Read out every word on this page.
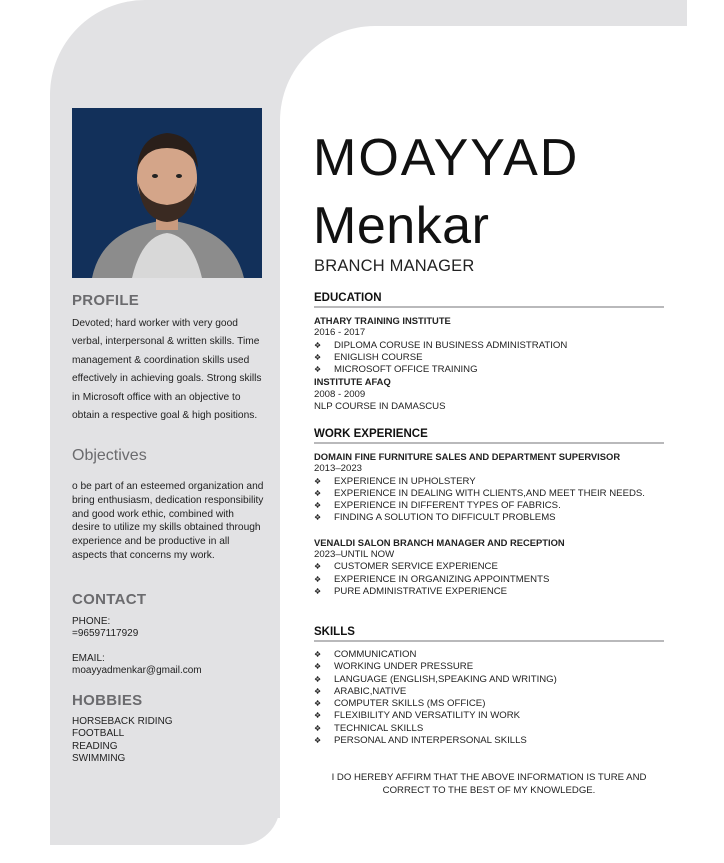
PROFILE
Devoted; hard worker with very good verbal, interpersonal & written skills. Time management & coordination skills used effectively in achieving goals. Strong skills in Microsoft office with an objective to obtain a respective goal & high positions.
Objectives
o be part of an esteemed organization and bring enthusiasm, dedication responsibility and good work ethic, combined with desire to utilize my skills obtained through experience and be productive in all aspects that concerns my work.
CONTACT
PHONE:
=96597117929
EMAIL:
moayyadmenkar@gmail.com
HOBBIES
HORSEBACK RIDING
FOOTBALL
READING
SWIMMING
MOAYYAD
Menkar
BRANCH MANAGER
EDUCATION
ATHARY TRAINING INSTITUTE
2016 - 2017
❖ DIPLOMA CORUSE IN BUSINESS ADMINISTRATION
❖ ENIGLISH COURSE
❖ MICROSOFT OFFICE TRAINING
INSTITUTE AFAQ
2008 - 2009
NLP COURSE IN DAMASCUS
WORK EXPERIENCE
DOMAIN FINE FURNITURE SALES AND DEPARTMENT SUPERVISOR
2013–2023
❖ EXPERIENCE IN UPHOLSTERY
❖ EXPERIENCE IN DEALING WITH CLIENTS,AND MEET THEIR NEEDS.
❖ EXPERIENCE IN DIFFERENT TYPES OF FABRICS.
❖ FINDING A SOLUTION TO DIFFICULT PROBLEMS
VENALDI SALON BRANCH MANAGER AND RECEPTION
2023–UNTIL NOW
❖ CUSTOMER SERVICE EXPERIENCE
❖ EXPERIENCE IN ORGANIZING APPOINTMENTS
❖ PURE ADMINISTRATIVE EXPERIENCE
SKILLS
❖ COMMUNICATION
❖ WORKING UNDER PRESSURE
❖ LANGUAGE (ENGLISH,SPEAKING AND WRITING)
❖ ARABIC,NATIVE
❖ COMPUTER SKILLS (MS OFFICE)
❖ FLEXIBILITY AND VERSATILITY IN WORK
❖ TECHNICAL SKILLS
❖ PERSONAL AND INTERPERSONAL SKILLS
I DO HEREBY AFFIRM THAT THE ABOVE INFORMATION IS TURE AND CORRECT TO THE BEST OF MY KNOWLEDGE.
